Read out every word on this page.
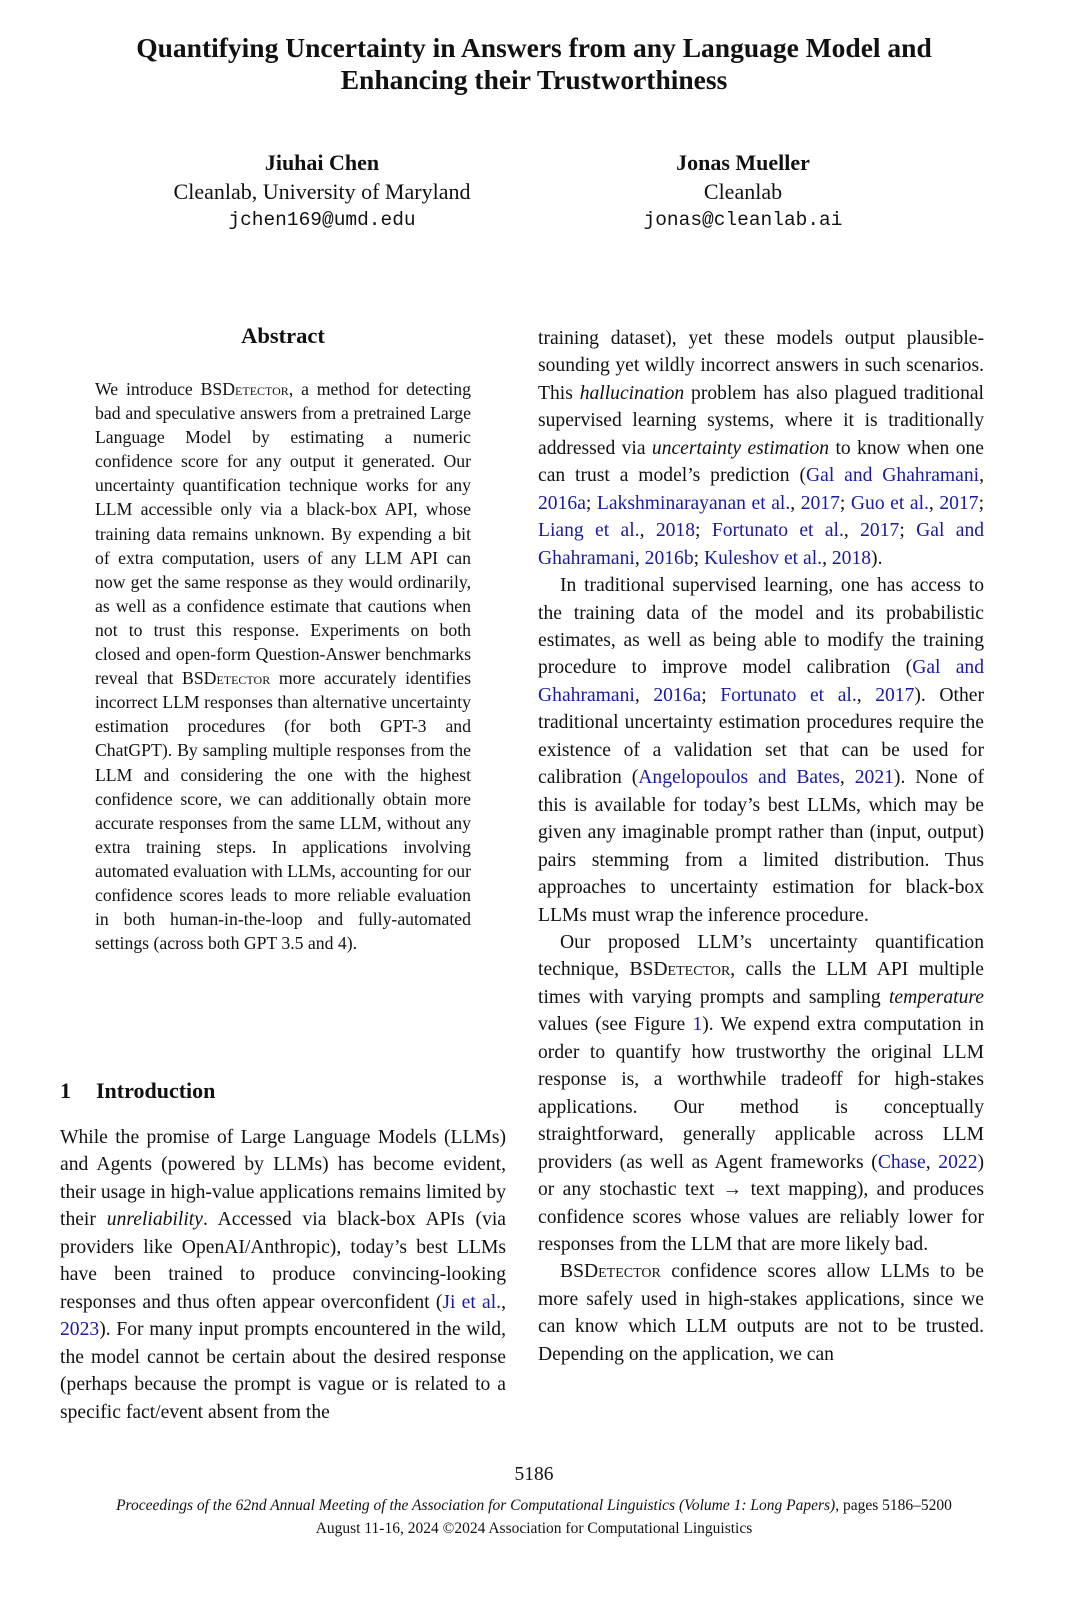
Quantifying Uncertainty in Answers from any Language Model and
Enhancing their Trustworthiness
Jiuhai Chen
Cleanlab, University of Maryland
jchen169@umd.edu
Jonas Mueller
Cleanlab
jonas@cleanlab.ai
Abstract
We introduce BSDetector, a method for detecting bad and speculative answers from a pretrained Large Language Model by estimating a numeric confidence score for any output it generated. Our uncertainty quantification technique works for any LLM accessible only via a black-box API, whose training data remains unknown. By expending a bit of extra computation, users of any LLM API can now get the same response as they would ordinarily, as well as a confidence estimate that cautions when not to trust this response. Experiments on both closed and open-form Question-Answer benchmarks reveal that BSDetector more accurately identifies incorrect LLM responses than alternative uncertainty estimation procedures (for both GPT-3 and ChatGPT). By sampling multiple responses from the LLM and considering the one with the highest confidence score, we can additionally obtain more accurate responses from the same LLM, without any extra training steps. In applications involving automated evaluation with LLMs, accounting for our confidence scores leads to more reliable evaluation in both human-in-the-loop and fully-automated settings (across both GPT 3.5 and 4).
1 Introduction
While the promise of Large Language Models (LLMs) and Agents (powered by LLMs) has become evident, their usage in high-value applications remains limited by their unreliability. Accessed via black-box APIs (via providers like OpenAI/Anthropic), today’s best LLMs have been trained to produce convincing-looking responses and thus often appear overconfident (Ji et al., 2023). For many input prompts encountered in the wild, the model cannot be certain about the desired response (perhaps because the prompt is vague or is related to a specific fact/event absent from the

training dataset), yet these models output plausible-sounding yet wildly incorrect answers in such scenarios. This hallucination problem has also plagued traditional supervised learning systems, where it is traditionally addressed via uncertainty estimation to know when one can trust a model’s prediction (Gal and Ghahramani, 2016a; Lakshminarayanan et al., 2017; Guo et al., 2017; Liang et al., 2018; Fortunato et al., 2017; Gal and Ghahramani, 2016b; Kuleshov et al., 2018).

In traditional supervised learning, one has access to the training data of the model and its probabilistic estimates, as well as being able to modify the training procedure to improve model calibration (Gal and Ghahramani, 2016a; Fortunato et al., 2017). Other traditional uncertainty estimation procedures require the existence of a validation set that can be used for calibration (Angelopoulos and Bates, 2021). None of this is available for today’s best LLMs, which may be given any imaginable prompt rather than (input, output) pairs stemming from a limited distribution. Thus approaches to uncertainty estimation for black-box LLMs must wrap the inference procedure.

Our proposed LLM’s uncertainty quantification technique, BSDetector, calls the LLM API multiple times with varying prompts and sampling temperature values (see Figure 1). We expend extra computation in order to quantify how trustworthy the original LLM response is, a worthwhile tradeoff for high-stakes applications. Our method is conceptually straightforward, generally applicable across LLM providers (as well as Agent frameworks (Chase, 2022) or any stochastic text → text mapping), and produces confidence scores whose values are reliably lower for responses from the LLM that are more likely bad.

BSDetector confidence scores allow LLMs to be more safely used in high-stakes applications, since we can know which LLM outputs are not to be trusted. Depending on the application, we can

5186
Proceedings of the 62nd Annual Meeting of the Association for Computational Linguistics (Volume 1: Long Papers), pages 5186–5200
August 11-16, 2024 ©2024 Association for Computational Linguistics
